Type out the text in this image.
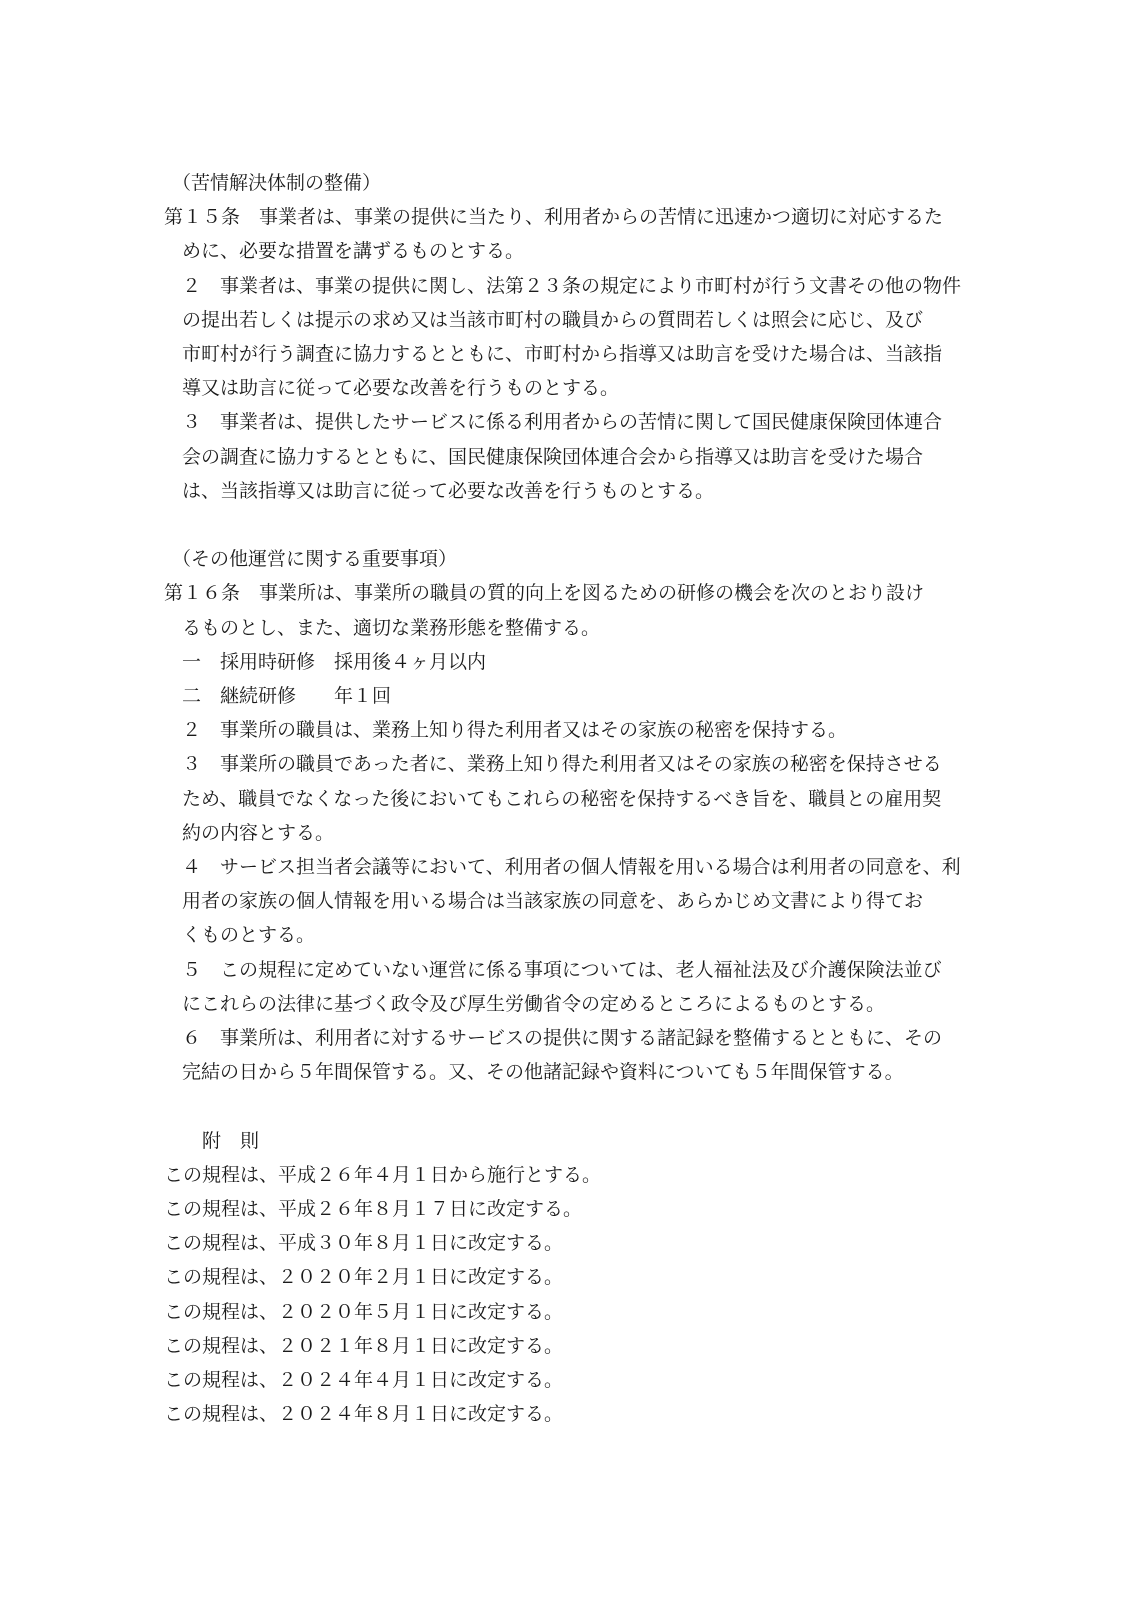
（苦情解決体制の整備）

第１５条　事業者は、事業の提供に当たり、利用者からの苦情に迅速かつ適切に対応するた

めに、必要な措置を講ずるものとする。

２　事業者は、事業の提供に関し、法第２３条の規定により市町村が行う文書その他の物件

の提出若しくは提示の求め又は当該市町村の職員からの質問若しくは照会に応じ、及び

市町村が行う調査に協力するとともに、市町村から指導又は助言を受けた場合は、当該指

導又は助言に従って必要な改善を行うものとする。

３　事業者は、提供したサービスに係る利用者からの苦情に関して国民健康保険団体連合

会の調査に協力するとともに、国民健康保険団体連合会から指導又は助言を受けた場合

は、当該指導又は助言に従って必要な改善を行うものとする。

（その他運営に関する重要事項）

第１６条　事業所は、事業所の職員の質的向上を図るための研修の機会を次のとおり設け

るものとし、また、適切な業務形態を整備する。

一　採用時研修　採用後４ヶ月以内

二　継続研修　　年１回

２　事業所の職員は、業務上知り得た利用者又はその家族の秘密を保持する。

３　事業所の職員であった者に、業務上知り得た利用者又はその家族の秘密を保持させる

ため、職員でなくなった後においてもこれらの秘密を保持するべき旨を、職員との雇用契

約の内容とする。

４　サービス担当者会議等において、利用者の個人情報を用いる場合は利用者の同意を、利

用者の家族の個人情報を用いる場合は当該家族の同意を、あらかじめ文書により得てお

くものとする。

５　この規程に定めていない運営に係る事項については、老人福祉法及び介護保険法並び

にこれらの法律に基づく政令及び厚生労働省令の定めるところによるものとする。

６　事業所は、利用者に対するサービスの提供に関する諸記録を整備するとともに、その

完結の日から５年間保管する。又、その他諸記録や資料についても５年間保管する。

附　則

この規程は、平成２６年４月１日から施行とする。

この規程は、平成２６年８月１７日に改定する。

この規程は、平成３０年８月１日に改定する。

この規程は、２０２０年２月１日に改定する。

この規程は、２０２０年５月１日に改定する。

この規程は、２０２１年８月１日に改定する。

この規程は、２０２４年４月１日に改定する。

この規程は、２０２４年８月１日に改定する。
